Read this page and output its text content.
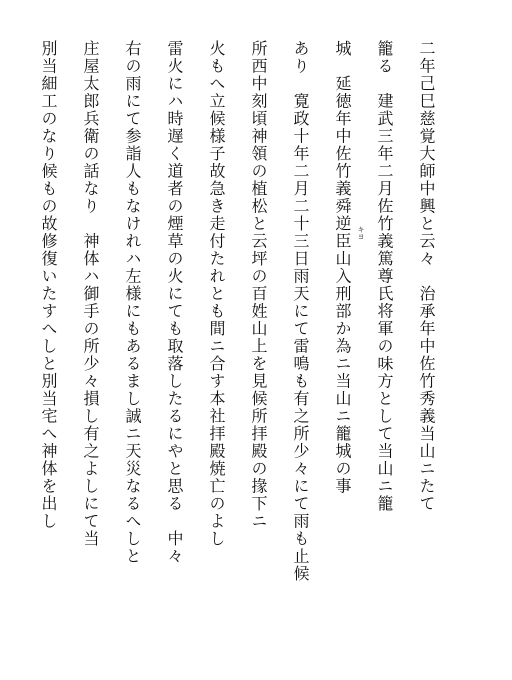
二年己巳慈覚大師中興と云々　治承年中佐竹秀義当山ニたて
籠る　建武三年二月佐竹義篤尊氏将軍の味方として当山ニ籠
城　延徳年中佐竹義舜逆臣山入刑部か為ニ当山ニ籠城の事 キヨ
あり　寛政十年二月二十三日雨天にて雷鳴も有之所少々にて雨も止候
所西中刻頃神領の植松と云坪の百姓山上を見候所拝殿の掾下ニ
火もへ立候様子故急き走付たれとも間ニ合す本社拝殿焼亡のよし
雷火にハ時遅く道者の煙草の火にても取落したるにやと思る　中々
右の雨にて参詣人もなけれハ左様にもあるまし誠ニ天災なるへしと
庄屋太郎兵衛の話なり　神体ハ御手の所少々損し有之よしにて当
別当細工のなり候もの故修復いたすへしと別当宅へ神体を出し
